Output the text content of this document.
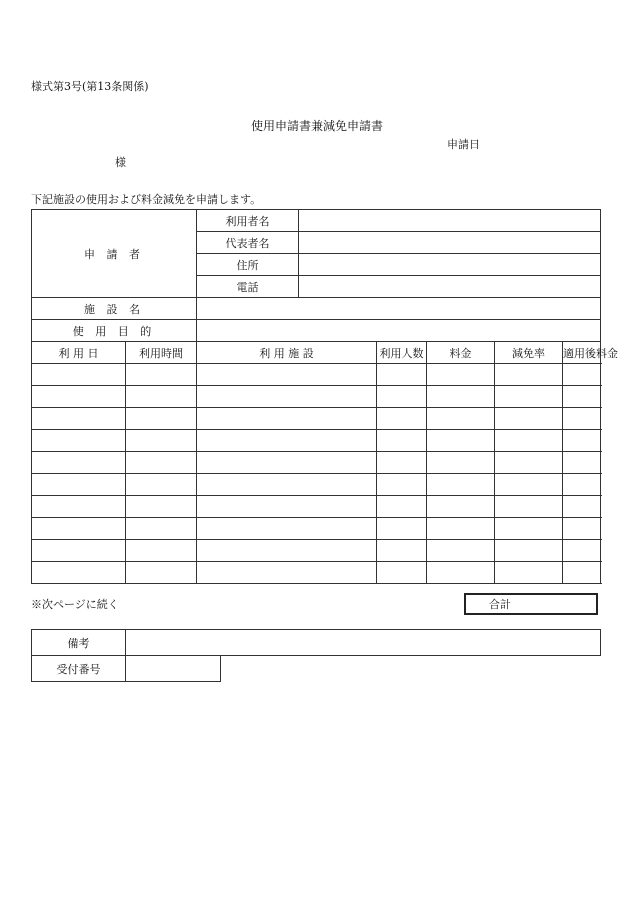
様式第3号(第13条関係)
使用申請書兼減免申請書
申請日
様
下記施設の使用および料金減免を申請します。
申 請 者		利用者名					
		代表者名					
		住所					
		電話					
施 設 名							
使 用 目 的							
利 用 日	利用時間	利 用 施 設		利用人数	料金	減免率	適用後料金

※次ページに続く	合計
備考	
受付番号	
